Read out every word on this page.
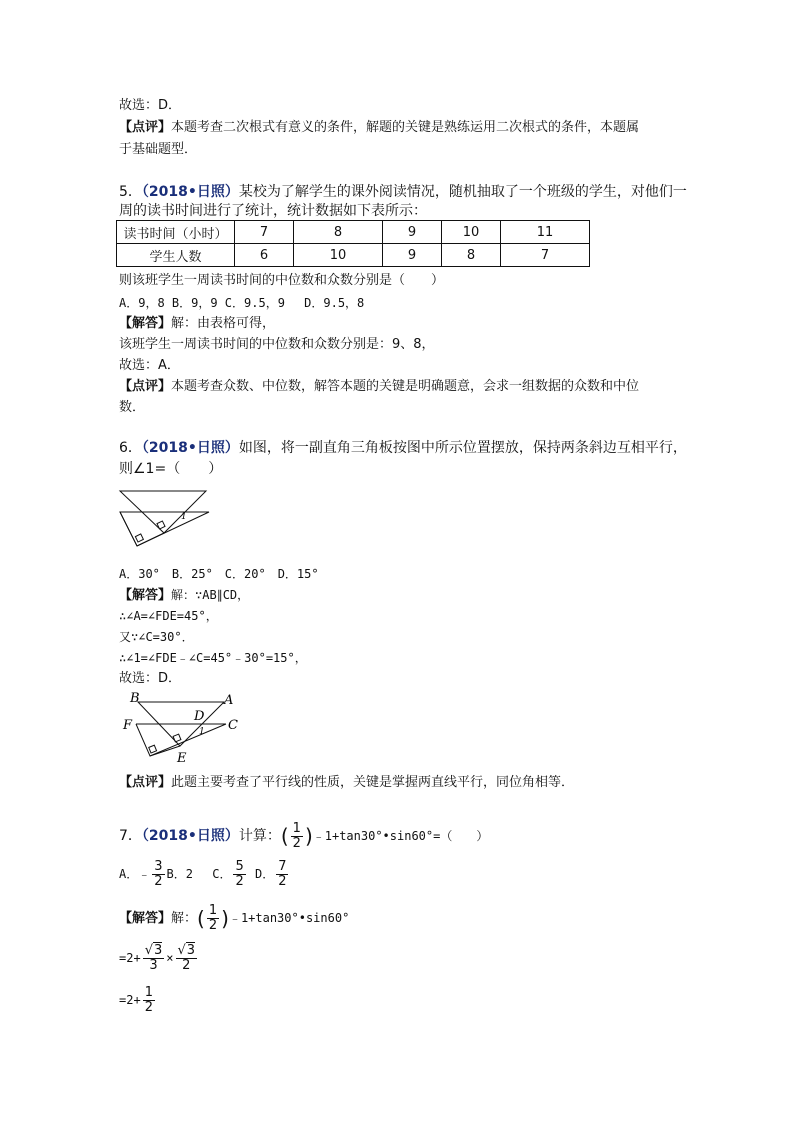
故选：D．
【点评】本题考查二次根式有意义的条件，解题的关键是熟练运用二次根式的条件，本题属
于基础题型．
5．（2018•日照）某校为了解学生的课外阅读情况，随机抽取了一个班级的学生，对他们一
周的读书时间进行了统计，统计数据如下表所示：
读书时间（小时）	7	8	9	10	11
学生人数	6	10	9	8	7
则该班学生一周读书时间的中位数和众数分别是（　　）
A．9，8 B．9，9 C．9.5，9　 D．9.5，8
【解答】解：由表格可得，
该班学生一周读书时间的中位数和众数分别是：9、8，
故选：A．
【点评】本题考查众数、中位数，解答本题的关键是明确题意，会求一组数据的众数和中位
数．
6．（2018•日照）如图，将一副直角三角板按图中所示位置摆放，保持两条斜边互相平行，
则∠1=（　　）
1
A．30°　B．25°　C．20°　D．15°
【解答】解：∵AB∥CD，
∴∠A=∠FDE=45°，
又∵∠C=30°．
∴∠1=∠FDE﹣∠C=45°﹣30°=15°，
故选：D．
B	A
D
F	C
E
1
【点评】此题主要考查了平行线的性质，关键是掌握两直线平行，同位角相等．
7．（2018•日照）计算：( $\frac{1}{2}$ )﹣1+tan30°•sin60°=（　　）
A．﹣ $\frac{3}{2}$ B．2　 C． $\frac{5}{2}$ D． $\frac{7}{2}$
【解答】解：( $\frac{1}{2}$ )﹣1+tan30°•sin60°
$=2+ \frac{√3}{3} \times \frac{√3}{2}$
$=2+ \frac{1}{2}$
